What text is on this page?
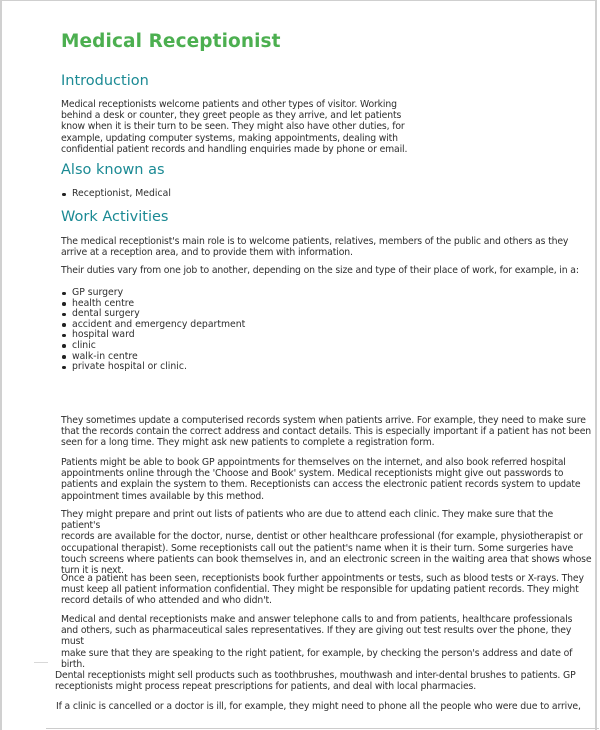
Medical Receptionist
Introduction
Medical receptionists welcome patients and other types of visitor. Working
behind a desk or counter, they greet people as they arrive, and let patients
know when it is their turn to be seen. They might also have other duties, for
example, updating computer systems, making appointments, dealing with
confidential patient records and handling enquiries made by phone or email.
Also known as
Receptionist, Medical
Work Activities
The medical receptionist's main role is to welcome patients, relatives, members of the public and others as they
arrive at a reception area, and to provide them with information.
Their duties vary from one job to another, depending on the size and type of their place of work, for example, in a:
GP surgery
health centre
dental surgery
accident and emergency department
hospital ward
clinic
walk-in centre
private hospital or clinic.
They sometimes update a computerised records system when patients arrive. For example, they need to make sure
that the records contain the correct address and contact details. This is especially important if a patient has not been
seen for a long time. They might ask new patients to complete a registration form.
Patients might be able to book GP appointments for themselves on the internet, and also book referred hospital
appointments online through the 'Choose and Book' system. Medical receptionists might give out passwords to
patients and explain the system to them. Receptionists can access the electronic patient records system to update
appointment times available by this method.
They might prepare and print out lists of patients who are due to attend each clinic. They make sure that the patient's
records are available for the doctor, nurse, dentist or other healthcare professional (for example, physiotherapist or
occupational therapist). Some receptionists call out the patient's name when it is their turn. Some surgeries have
touch screens where patients can book themselves in, and an electronic screen in the waiting area that shows whose
turn it is next.
Once a patient has been seen, receptionists book further appointments or tests, such as blood tests or X-rays. They
must keep all patient information confidential. They might be responsible for updating patient records. They might
record details of who attended and who didn't.
Medical and dental receptionists make and answer telephone calls to and from patients, healthcare professionals
and others, such as pharmaceutical sales representatives. If they are giving out test results over the phone, they must
make sure that they are speaking to the right patient, for example, by checking the person's address and date of
birth.
Dental receptionists might sell products such as toothbrushes, mouthwash and inter-dental brushes to patients. GP
receptionists might process repeat prescriptions for patients, and deal with local pharmacies.
If a clinic is cancelled or a doctor is ill, for example, they might need to phone all the people who were due to arrive,
